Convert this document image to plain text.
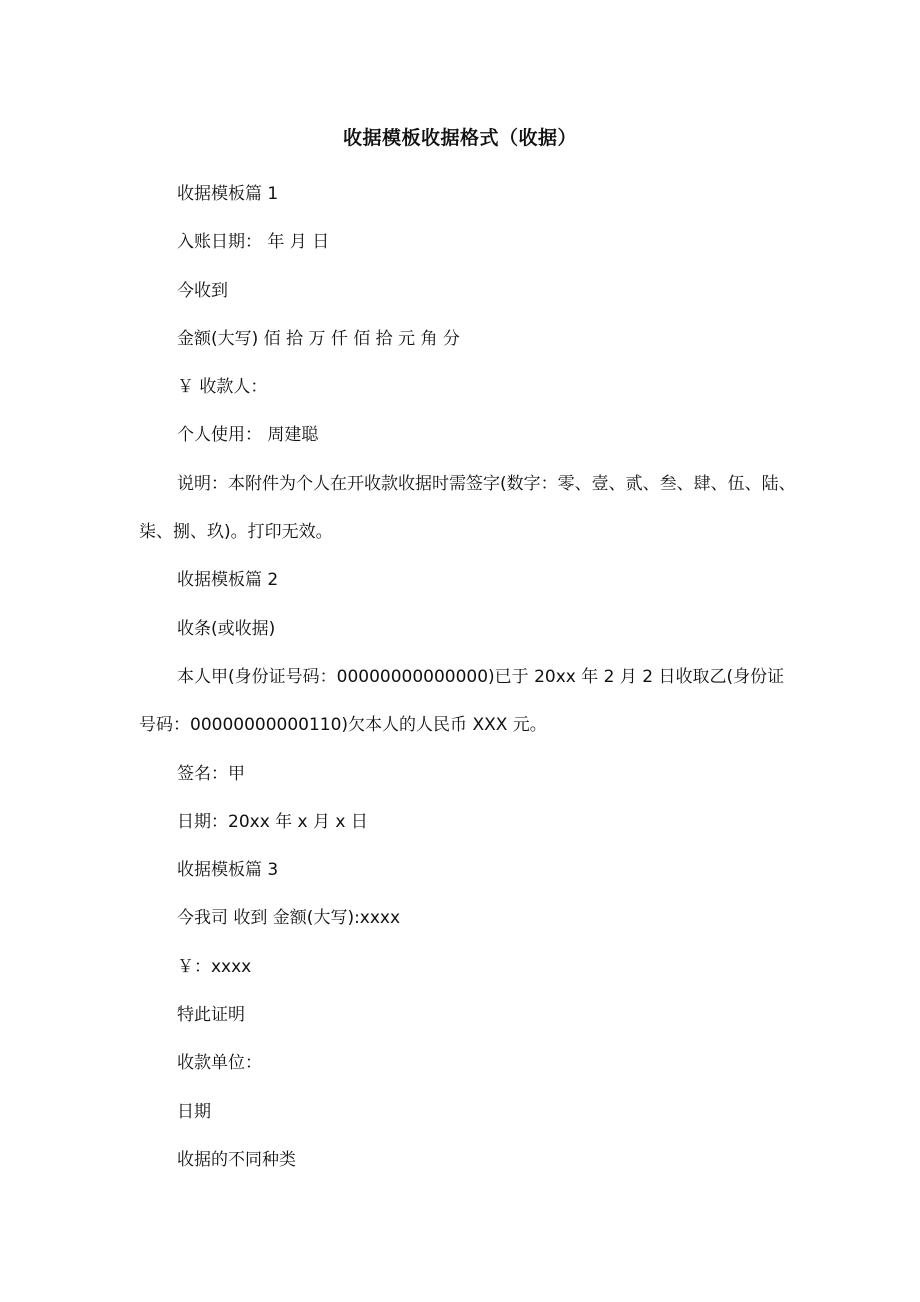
收据模板收据格式（收据）

收据模板篇 1

入账日期： 年 月 日

今收到

金额(大写) 佰 拾 万 仟 佰 拾 元 角 分

￥ 收款人：

个人使用： 周建聪

说明：本附件为个人在开收款收据时需签字(数字：零、壹、贰、叁、肆、伍、陆、柒、捌、玖)。打印无效。

收据模板篇 2

收条(或收据)

本人甲(身份证号码：00000000000000)已于 20xx 年 2 月 2 日收取乙(身份证号码：00000000000110)欠本人的人民币 XXX 元。

签名：甲

日期：20xx 年 x 月 x 日

收据模板篇 3

今我司 收到 金额(大写):xxxx

￥：xxxx

特此证明

收款单位：

日期

收据的不同种类
